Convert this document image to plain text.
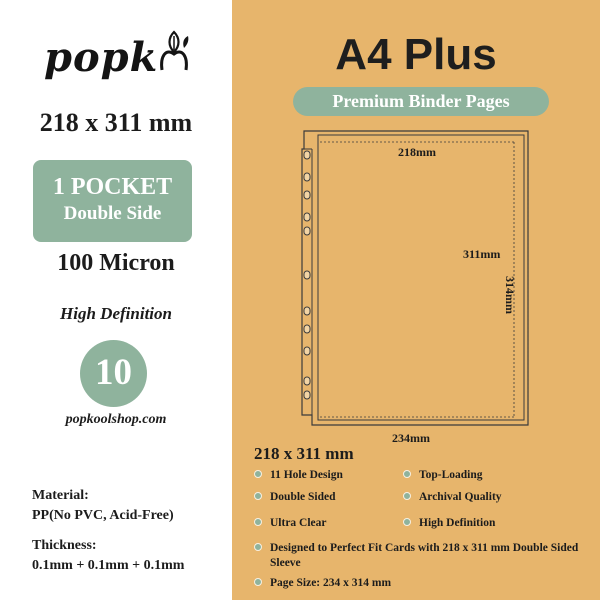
popk
218 x 311 mm
1 POCKET
Double Side
100 Micron
High Definition
10
popkoolshop.com
Material:
PP(No PVC, Acid-Free)
Thickness:
0.1mm + 0.1mm + 0.1mm
A4 Plus
Premium Binder Pages
218mm
311mm
234mm
314mm
218 x 311 mm
11 Hole Design	Top-Loading
Double Sided	Archival Quality
Ultra Clear	High Definition
Designed to Perfect Fit Cards with 218 x 311 mm Double Sided Sleeve
Page Size: 234 x 314 mm
